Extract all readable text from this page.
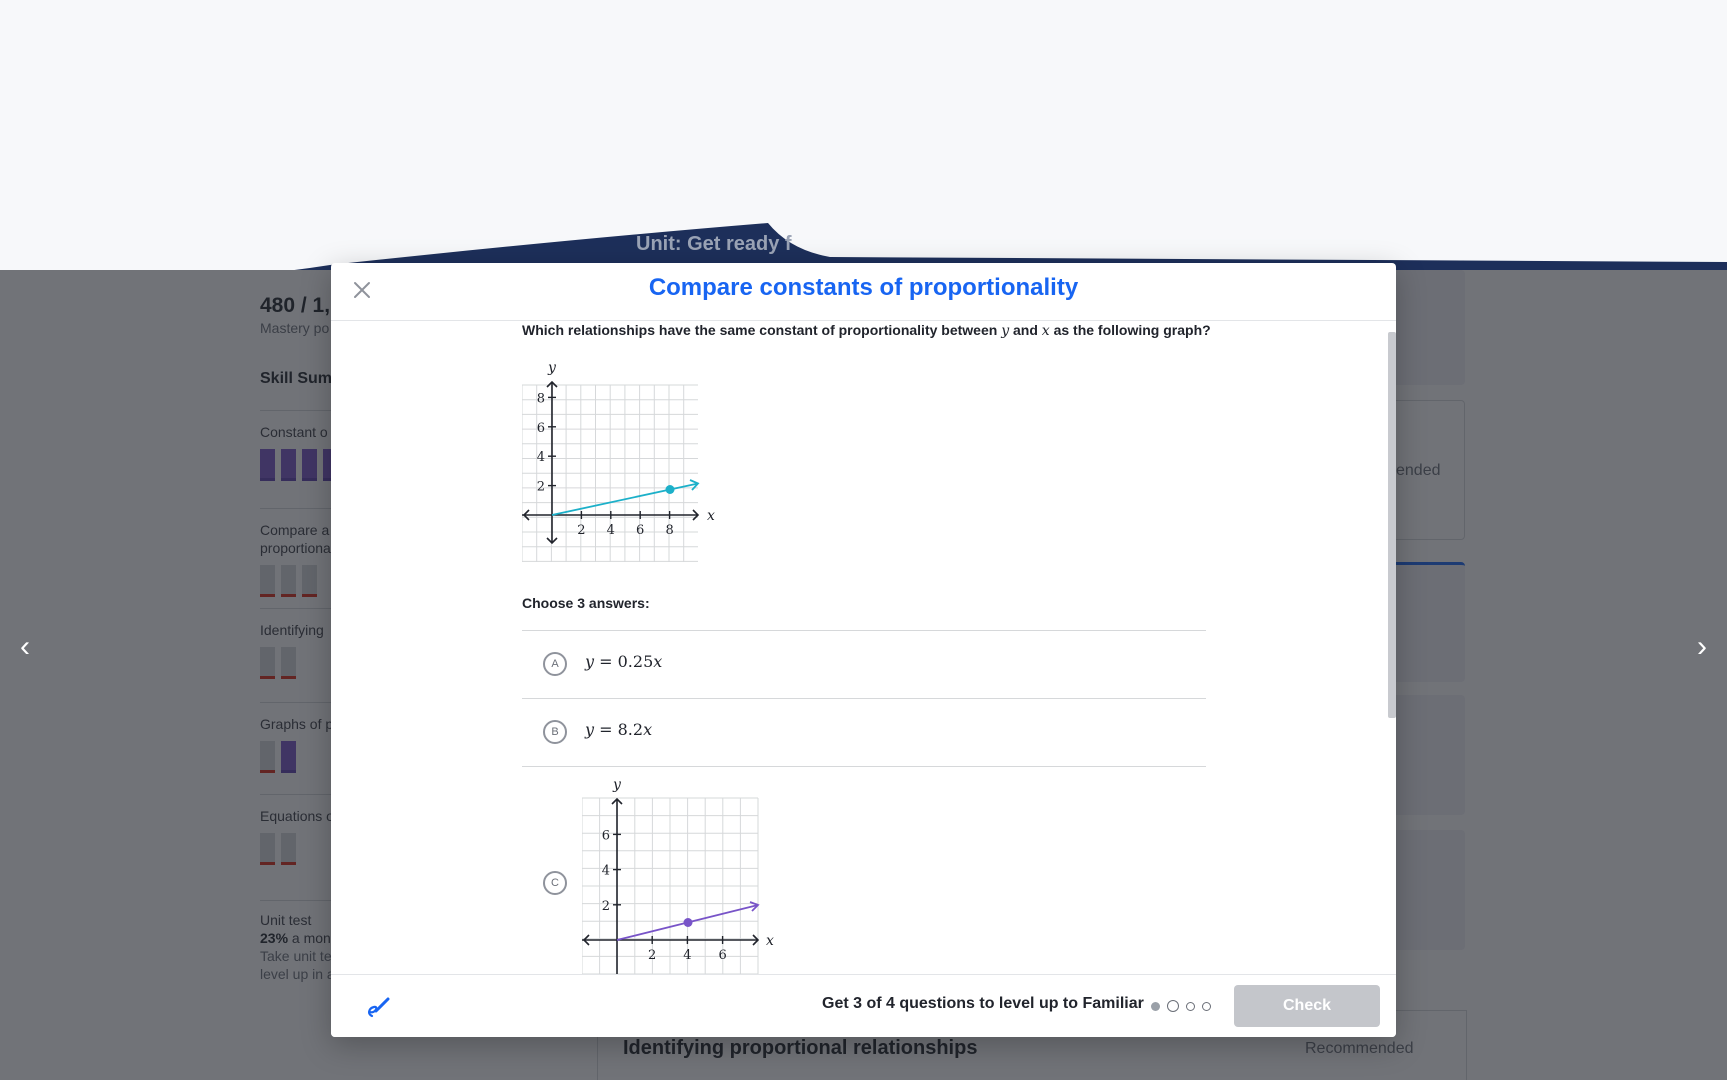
Unit: Get ready f
‹	›
Compare constants of proportionality
Which relationships have the same constant of proportionality between y and x as the following graph?
2 4 6 8
2
4
6
8
y
x
Choose 3 answers:
A	y = 0.25x
B	y = 8.2x
C
2 4 6
2
4
6
y
x
Get 3 of 4 questions to level up to Familiar	Check
